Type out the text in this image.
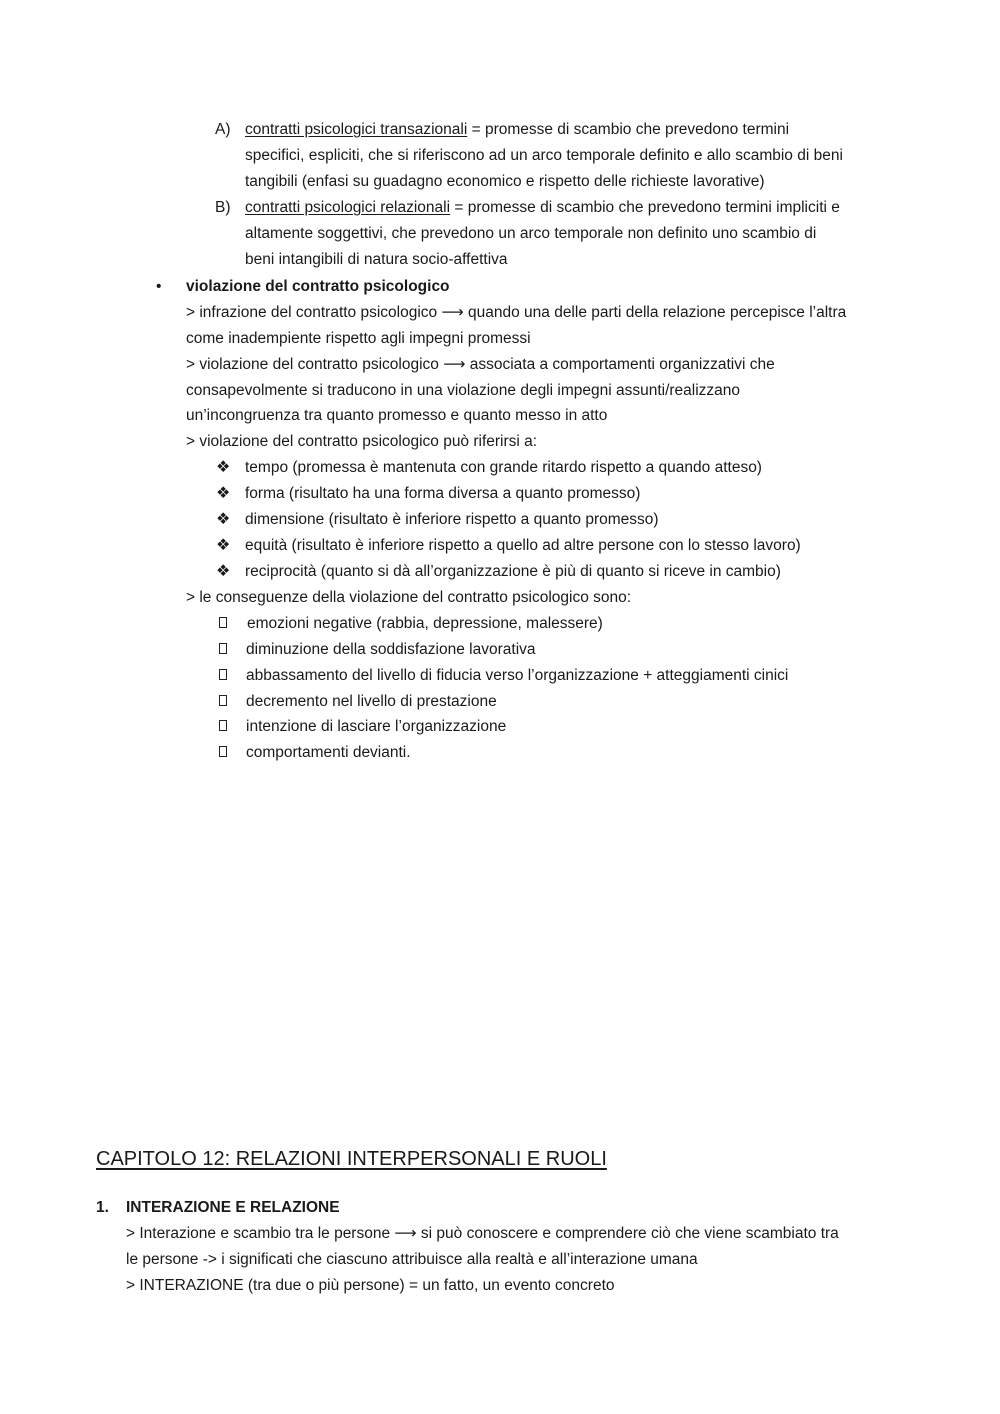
A) contratti psicologici transazionali = promesse di scambio che prevedono termini
specifici, espliciti, che si riferiscono ad un arco temporale definito e allo scambio di beni
tangibili (enfasi su guadagno economico e rispetto delle richieste lavorative)
B) contratti psicologici relazionali = promesse di scambio che prevedono termini impliciti e
altamente soggettivi, che prevedono un arco temporale non definito uno scambio di
beni intangibili di natura socio-affettiva
• violazione del contratto psicologico
> infrazione del contratto psicologico ⟶ quando una delle parti della relazione percepisce l’altra
come inadempiente rispetto agli impegni promessi
> violazione del contratto psicologico ⟶ associata a comportamenti organizzativi che
consapevolmente si traducono in una violazione degli impegni assunti/realizzano
un’incongruenza tra quanto promesso e quanto messo in atto
> violazione del contratto psicologico può riferirsi a:
❖ tempo (promessa è mantenuta con grande ritardo rispetto a quando atteso)
❖ forma (risultato ha una forma diversa a quanto promesso)
❖ dimensione (risultato è inferiore rispetto a quanto promesso)
❖ equità (risultato è inferiore rispetto a quello ad altre persone con lo stesso lavoro)
❖ reciprocità (quanto si dà all’organizzazione è più di quanto si riceve in cambio)
> le conseguenze della violazione del contratto psicologico sono:
emozioni negative (rabbia, depressione, malessere)
diminuzione della soddisfazione lavorativa
abbassamento del livello di fiducia verso l’organizzazione + atteggiamenti cinici
decremento nel livello di prestazione
intenzione di lasciare l’organizzazione
comportamenti devianti.
CAPITOLO 12: RELAZIONI INTERPERSONALI E RUOLI
1. INTERAZIONE E RELAZIONE
> Interazione e scambio tra le persone ⟶ si può conoscere e comprendere ciò che viene scambiato tra
le persone -> i significati che ciascuno attribuisce alla realtà e all’interazione umana
> INTERAZIONE (tra due o più persone) = un fatto, un evento concreto
